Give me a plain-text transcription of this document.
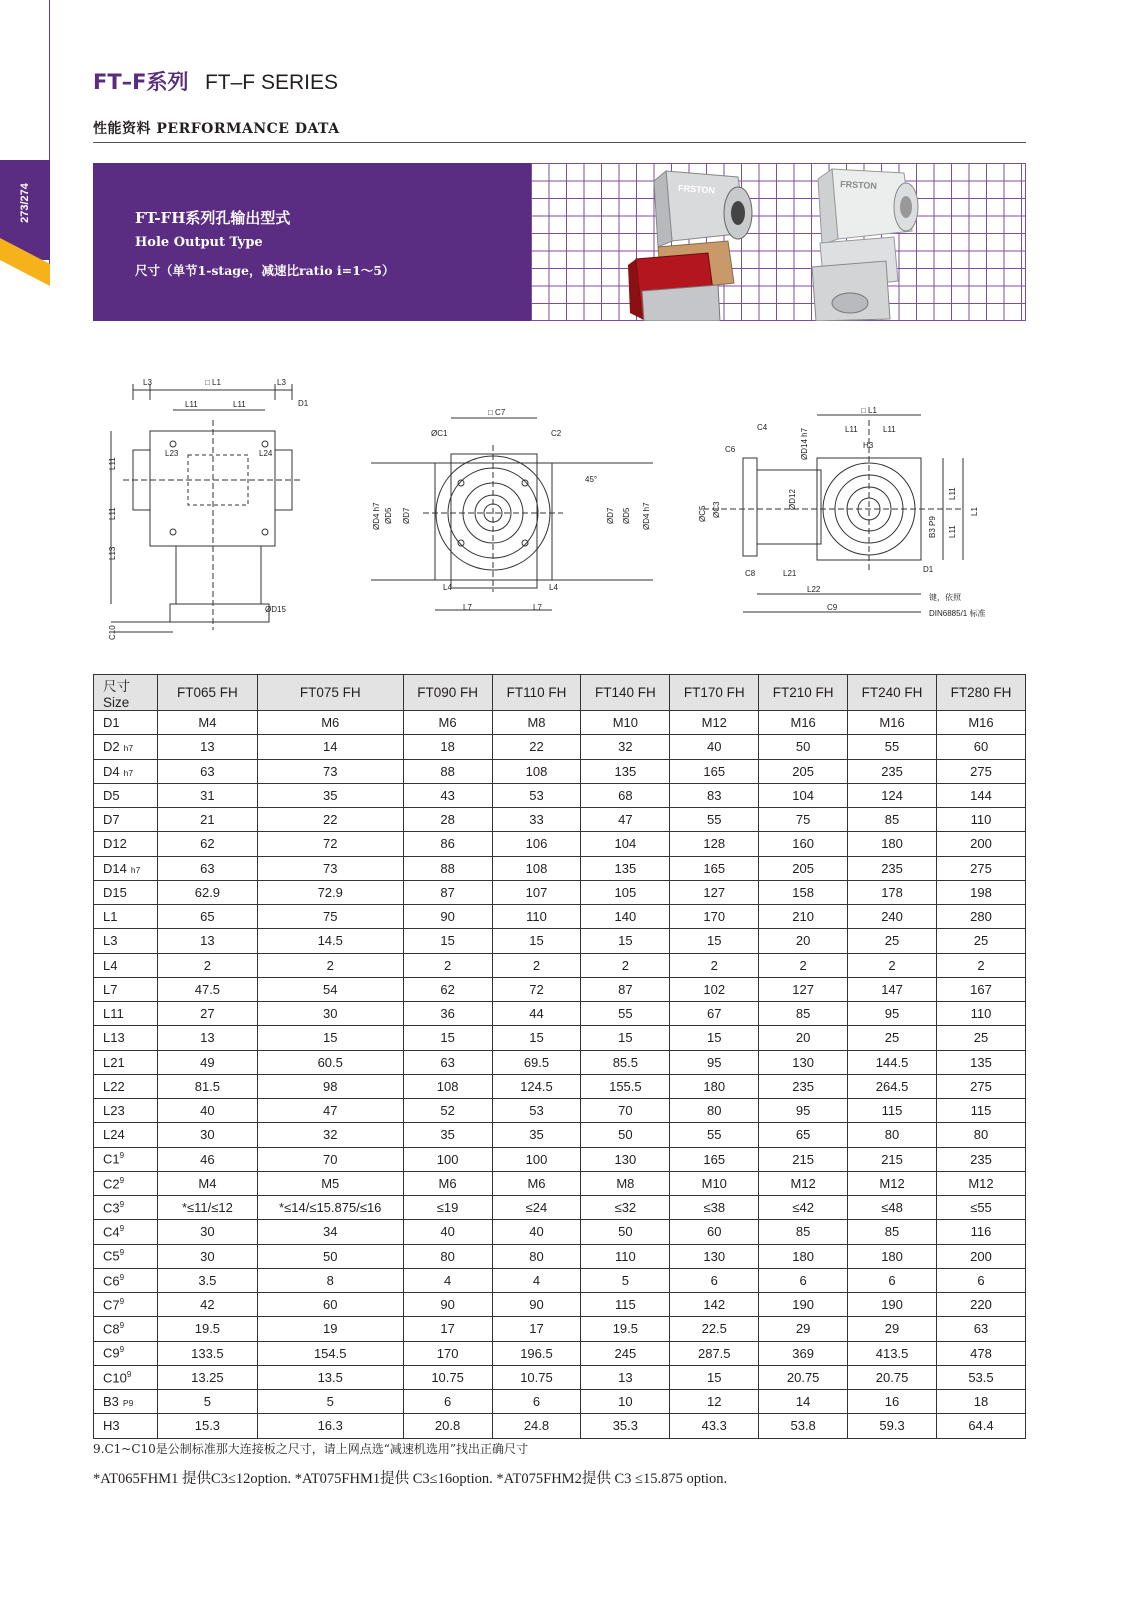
273/274
FT–F系列 FT–F SERIES
性能资料 PERFORMANCE DATA
FT-FH系列孔输出型式
Hole Output Type
尺寸（单节1-stage，减速比ratio i=1～5）
FRSTON	FRSTON
L3	□ L1	L3
L11	L11	D1
L23	L24
L11
L11
L13
ØD15
C10
□ C7
ØC1	C2
45°
ØD4 h7 ØD5 ØD7	ØD7 ØD5 ØD4 h7
L4	L4
L7	L7
□ L1
C4	L11	L11
H3
C6	ØD14 h7
ØC5 ØC3	ØD12
B3 P9
L11
L11
L1
C8	L21
L22
C9
D1
键，依照
DIN6885/1 标准
尺寸 Size	FT065 FH	FT075 FH	FT090 FH	FT110 FH	FT140 FH	FT170 FH	FT210 FH	FT240 FH	FT280 FH
D1	M4	M6	M6	M8	M10	M12	M16	M16	M16
D2 h7	13	14	18	22	32	40	50	55	60
D4 h7	63	73	88	108	135	165	205	235	275
D5	31	35	43	53	68	83	104	124	144
D7	21	22	28	33	47	55	75	85	110
D12	62	72	86	106	104	128	160	180	200
D14 h7	63	73	88	108	135	165	205	235	275
D15	62.9	72.9	87	107	105	127	158	178	198
L1	65	75	90	110	140	170	210	240	280
L3	13	14.5	15	15	15	15	20	25	25
L4	2	2	2	2	2	2	2	2	2
L7	47.5	54	62	72	87	102	127	147	167
L11	27	30	36	44	55	67	85	95	110
L13	13	15	15	15	15	15	20	25	25
L21	49	60.5	63	69.5	85.5	95	130	144.5	135
L22	81.5	98	108	124.5	155.5	180	235	264.5	275
L23	40	47	52	53	70	80	95	115	115
L24	30	32	35	35	50	55	65	80	80
$C1^9$	46	70	100	100	130	165	215	215	235
$C2^9$	M4	M5	M6	M6	M8	M10	M12	M12	M12
$C3^9$	*≤11/≤12	*≤14/≤15.875/≤16	≤19	≤24	≤32	≤38	≤42	≤48	≤55
$C4^9$	30	34	40	40	50	60	85	85	116
$C5^9$	30	50	80	80	110	130	180	180	200
$C6^9$	3.5	8	4	4	5	6	6	6	6
$C7^9$	42	60	90	90	115	142	190	190	220
$C8^9$	19.5	19	17	17	19.5	22.5	29	29	63
$C9^9$	133.5	154.5	170	196.5	245	287.5	369	413.5	478
$C10^9$	13.25	13.5	10.75	10.75	13	15	20.75	20.75	53.5
B3 P9	5	5	6	6	10	12	14	16	18
H3	15.3	16.3	20.8	24.8	35.3	43.3	53.8	59.3	64.4
9.C1~C10是公制标准那大连接板之尺寸，请上网点选“减速机选用”找出正确尺寸
*AT065FHM1 提供C3≤12option. *AT075FHM1提供 C3≤16option. *AT075FHM2提供 C3 ≤15.875 option.
